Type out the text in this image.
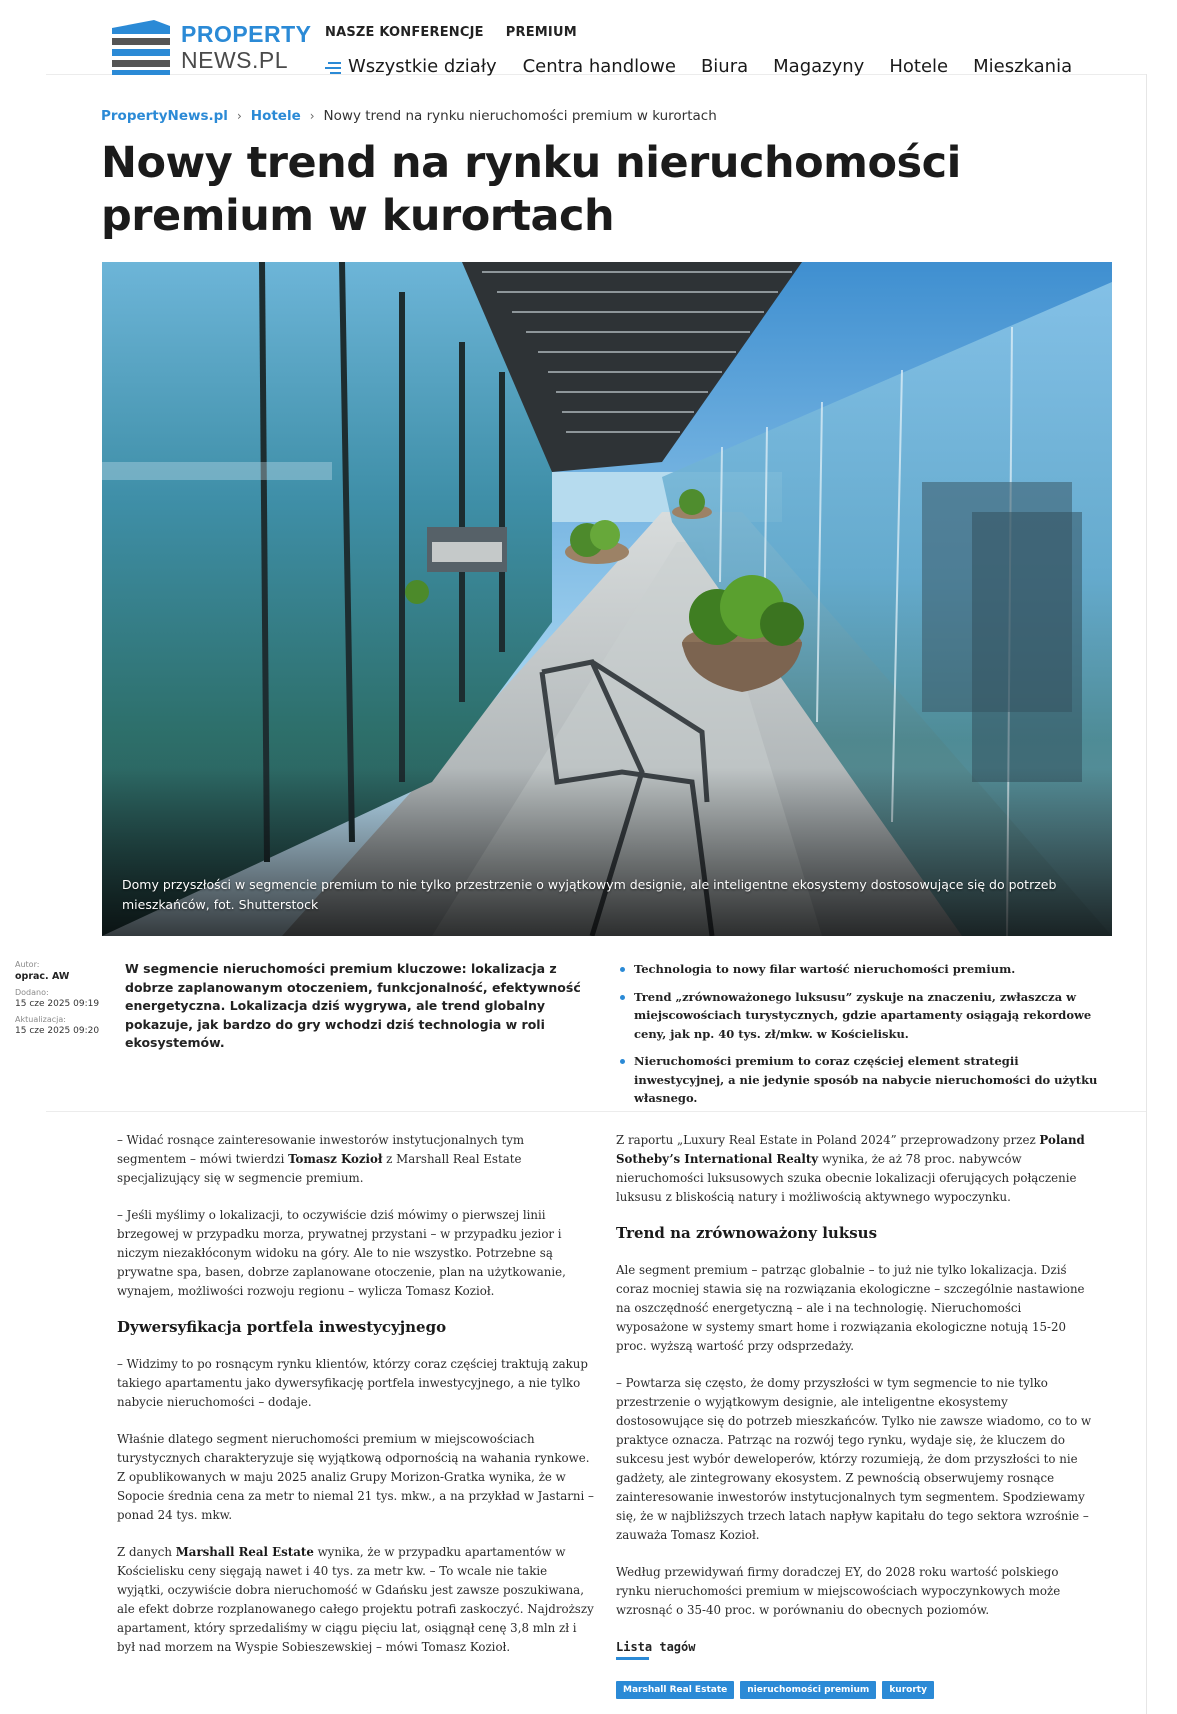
PROPERTY
NEWS.PL
NASZE KONFERENCJE PREMIUM
Wszystkie działy Centra handlowe Biura Magazyny Hotele Mieszkania
PropertyNews.pl › Hotele › Nowy trend na rynku nieruchomości premium w kurortach
Nowy trend na rynku nieruchomości premium w kurortach
Domy przyszłości w segmencie premium to nie tylko przestrzenie o wyjątkowym designie, ale inteligentne ekosystemy dostosowujące się do potrzeb mieszkańców, fot. Shutterstock
Autor:
oprac. AW
Dodano:
15 cze 2025 09:19
Aktualizacja:
15 cze 2025 09:20
W segmencie nieruchomości premium kluczowe: lokalizacja z dobrze zaplanowanym otoczeniem, funkcjonalność, efektywność energetyczna. Lokalizacja dziś wygrywa, ale trend globalny pokazuje, jak bardzo do gry wchodzi dziś technologia w roli ekosystemów.
Technologia to nowy filar wartość nieruchomości premium.
Trend „zrównoważonego luksusu” zyskuje na znaczeniu, zwłaszcza w miejscowościach turystycznych, gdzie apartamenty osiągają rekordowe ceny, jak np. 40 tys. zł/mkw. w Kościelisku.
Nieruchomości premium to coraz częściej element strategii inwestycyjnej, a nie jedynie sposób na nabycie nieruchomości do użytku własnego.

– Widać rosnące zainteresowanie inwestorów instytucjonalnych tym segmentem – mówi twierdzi Tomasz Kozioł z Marshall Real Estate specjalizujący się w segmencie premium.

– Jeśli myślimy o lokalizacji, to oczywiście dziś mówimy o pierwszej linii brzegowej w przypadku morza, prywatnej przystani – w przypadku jezior i niczym niezakłóconym widoku na góry. Ale to nie wszystko. Potrzebne są prywatne spa, basen, dobrze zaplanowane otoczenie, plan na użytkowanie, wynajem, możliwości rozwoju regionu – wylicza Tomasz Kozioł.

Dywersyfikacja portfela inwestycyjnego

– Widzimy to po rosnącym rynku klientów, którzy coraz częściej traktują zakup takiego apartamentu jako dywersyfikację portfela inwestycyjnego, a nie tylko nabycie nieruchomości – dodaje.

Właśnie dlatego segment nieruchomości premium w miejscowościach turystycznych charakteryzuje się wyjątkową odpornością na wahania rynkowe. Z opublikowanych w maju 2025 analiz Grupy Morizon-Gratka wynika, że w Sopocie średnia cena za metr to niemal 21 tys. mkw., a na przykład w Jastarni – ponad 24 tys. mkw.

Z danych Marshall Real Estate wynika, że w przypadku apartamentów w Kościelisku ceny sięgają nawet i 40 tys. za metr kw. – To wcale nie takie wyjątki, oczywiście dobra nieruchomość w Gdańsku jest zawsze poszukiwana, ale efekt dobrze rozplanowanego całego projektu potrafi zaskoczyć. Najdroższy apartament, który sprzedaliśmy w ciągu pięciu lat, osiągnął cenę 3,8 mln zł i był nad morzem na Wyspie Sobieszewskiej – mówi Tomasz Kozioł.

Z raportu „Luxury Real Estate in Poland 2024” przeprowadzony przez Poland Sotheby’s International Realty wynika, że aż 78 proc. nabywców nieruchomości luksusowych szuka obecnie lokalizacji oferujących połączenie luksusu z bliskością natury i możliwością aktywnego wypoczynku.

Trend na zrównoważony luksus

Ale segment premium – patrząc globalnie – to już nie tylko lokalizacja. Dziś coraz mocniej stawia się na rozwiązania ekologiczne – szczególnie nastawione na oszczędność energetyczną – ale i na technologię. Nieruchomości wyposażone w systemy smart home i rozwiązania ekologiczne notują 15-20 proc. wyższą wartość przy odsprzedaży.

– Powtarza się często, że domy przyszłości w tym segmencie to nie tylko przestrzenie o wyjątkowym designie, ale inteligentne ekosystemy dostosowujące się do potrzeb mieszkańców. Tylko nie zawsze wiadomo, co to w praktyce oznacza. Patrząc na rozwój tego rynku, wydaje się, że kluczem do sukcesu jest wybór deweloperów, którzy rozumieją, że dom przyszłości to nie gadżety, ale zintegrowany ekosystem. Z pewnością obserwujemy rosnące zainteresowanie inwestorów instytucjonalnych tym segmentem. Spodziewamy się, że w najbliższych trzech latach napływ kapitału do tego sektora wzrośnie – zauważa Tomasz Kozioł.

Według przewidywań firmy doradczej EY, do 2028 roku wartość polskiego rynku nieruchomości premium w miejscowościach wypoczynkowych może wzrosnąć o 35-40 proc. w porównaniu do obecnych poziomów.

Lista tagów
Marshall Real Estate	nieruchomości premium	kurorty
